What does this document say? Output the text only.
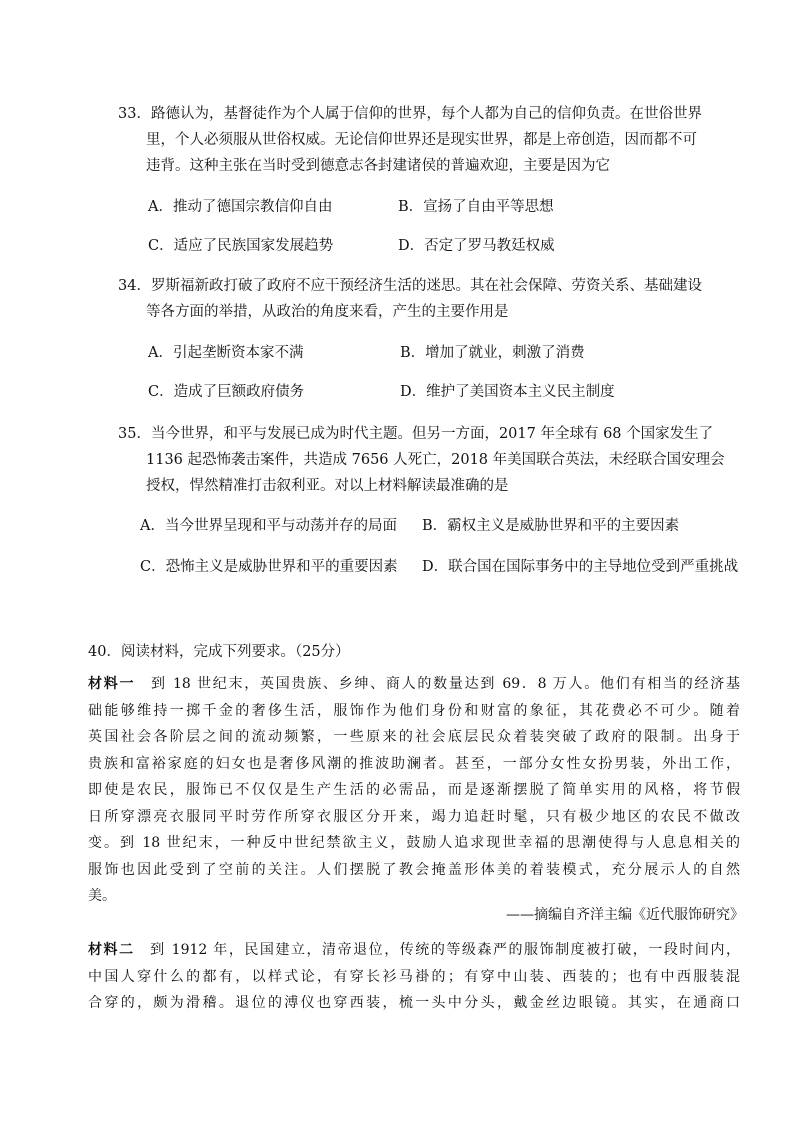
33．路德认为，基督徒作为个人属于信仰的世界，每个人都为自己的信仰负责。在世俗世界
里，个人必须服从世俗权威。无论信仰世界还是现实世界，都是上帝创造，因而都不可
违背。这种主张在当时受到德意志各封建诸侯的普遍欢迎，主要是因为它
A．推动了德国宗教信仰自由	B．宣扬了自由平等思想
C．适应了民族国家发展趋势	D．否定了罗马教廷权威
34．罗斯福新政打破了政府不应干预经济生活的迷思。其在社会保障、劳资关系、基础建设
等各方面的举措，从政治的角度来看，产生的主要作用是
A．引起垄断资本家不满	B．增加了就业，刺激了消费
C．造成了巨额政府债务	D．维护了美国资本主义民主制度
35．当今世界，和平与发展已成为时代主题。但另一方面，2017 年全球有 68 个国家发生了
1136 起恐怖袭击案件，共造成 7656 人死亡，2018 年美国联合英法，未经联合国安理会
授权，悍然精准打击叙利亚。对以上材料解读最准确的是
A．当今世界呈现和平与动荡并存的局面	B．霸权主义是威胁世界和平的主要因素
C．恐怖主义是威胁世界和平的重要因素	D．联合国在国际事务中的主导地位受到严重挑战
40．阅读材料，完成下列要求。（25分）
材料一　到 18 世纪末，英国贵族、乡绅、商人的数量达到 69．8 万人。他们有相当的经济基
础能够维持一掷千金的奢侈生活，服饰作为他们身份和财富的象征，其花费必不可少。随着
英国社会各阶层之间的流动频繁，一些原来的社会底层民众着装突破了政府的限制。出身于
贵族和富裕家庭的妇女也是奢侈风潮的推波助澜者。甚至，一部分女性女扮男装，外出工作，
即使是农民，服饰已不仅仅是生产生活的必需品，而是逐渐摆脱了简单实用的风格，将节假
日所穿漂亮衣服同平时劳作所穿衣服区分开来，竭力追赶时髦，只有极少地区的农民不做改
变。到 18 世纪末，一种反中世纪禁欲主义，鼓励人追求现世幸福的思潮使得与人息息相关的
服饰也因此受到了空前的关注。人们摆脱了教会掩盖形体美的着装模式，充分展示人的自然
美。
——摘编自齐洋主编《近代服饰研究》
材料二　到 1912 年，民国建立，清帝退位，传统的等级森严的服饰制度被打破，一段时间内，
中国人穿什么的都有，以样式论，有穿长衫马褂的；有穿中山装、西装的；也有中西服装混
合穿的，颇为滑稽。退位的溥仪也穿西装，梳一头中分头，戴金丝边眼镜。其实，在通商口
